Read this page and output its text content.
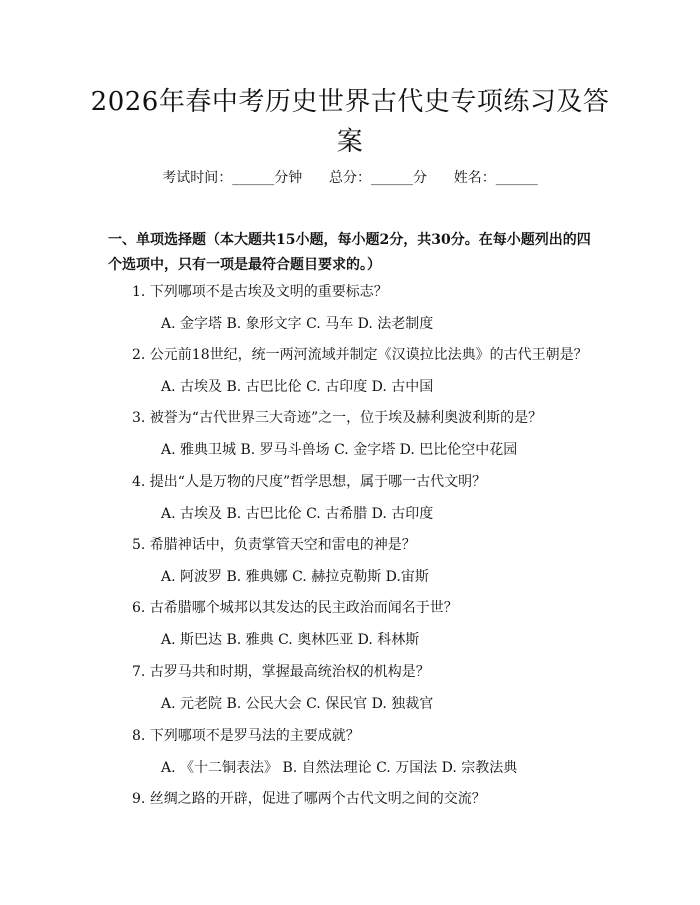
2026年春中考历史世界古代史专项练习及答案
考试时间：______分钟      总分：______分      姓名：______
一、单项选择题（本大题共15小题，每小题2分，共30分。在每小题列出的四个选项中，只有一项是最符合题目要求的。）
1. 下列哪项不是古埃及文明的重要标志？
A. 金字塔 B. 象形文字 C. 马车 D. 法老制度
2. 公元前18世纪，统一两河流域并制定《汉谟拉比法典》的古代王朝是？
A. 古埃及 B. 古巴比伦 C. 古印度 D. 古中国
3. 被誉为“古代世界三大奇迹”之一，位于埃及赫利奥波利斯的是？
A. 雅典卫城 B. 罗马斗兽场 C. 金字塔 D. 巴比伦空中花园
4. 提出“人是万物的尺度”哲学思想，属于哪一古代文明？
A. 古埃及 B. 古巴比伦 C. 古希腊 D. 古印度
5. 希腊神话中，负责掌管天空和雷电的神是？
A. 阿波罗 B. 雅典娜 C. 赫拉克勒斯 D.宙斯
6. 古希腊哪个城邦以其发达的民主政治而闻名于世？
A. 斯巴达 B. 雅典 C. 奥林匹亚 D. 科林斯
7. 古罗马共和时期，掌握最高统治权的机构是？
A. 元老院 B. 公民大会 C. 保民官 D. 独裁官
8. 下列哪项不是罗马法的主要成就？
A. 《十二铜表法》 B. 自然法理论 C. 万国法 D. 宗教法典
9. 丝绸之路的开辟，促进了哪两个古代文明之间的交流？
